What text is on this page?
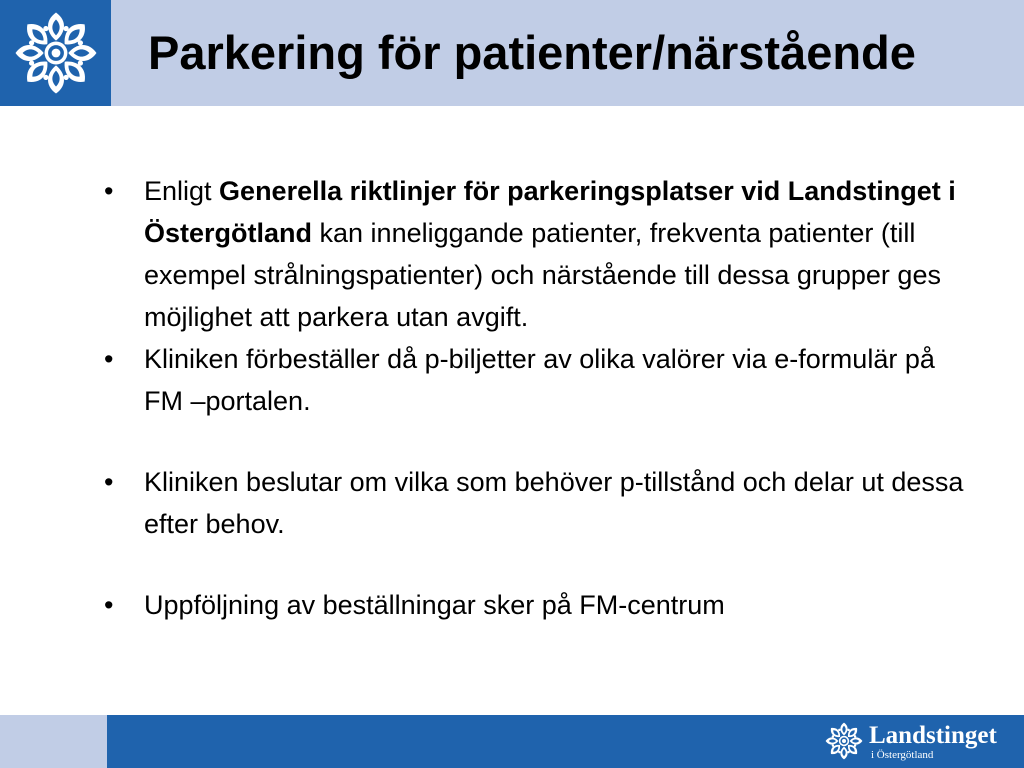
Parkering för patienter/närstående
• Enligt Generella riktlinjer för parkeringsplatser vid Landstinget i Östergötland kan inneliggande patienter, frekventa patienter (till exempel strålningspatienter) och närstående till dessa grupper ges möjlighet att parkera utan avgift.
• Kliniken förbeställer då p-biljetter av olika valörer via e-formulär på FM –portalen.
• Kliniken beslutar om vilka som behöver p-tillstånd och delar ut dessa efter behov.
• Uppföljning av beställningar sker på FM-centrum
Landstinget
i Östergötland
